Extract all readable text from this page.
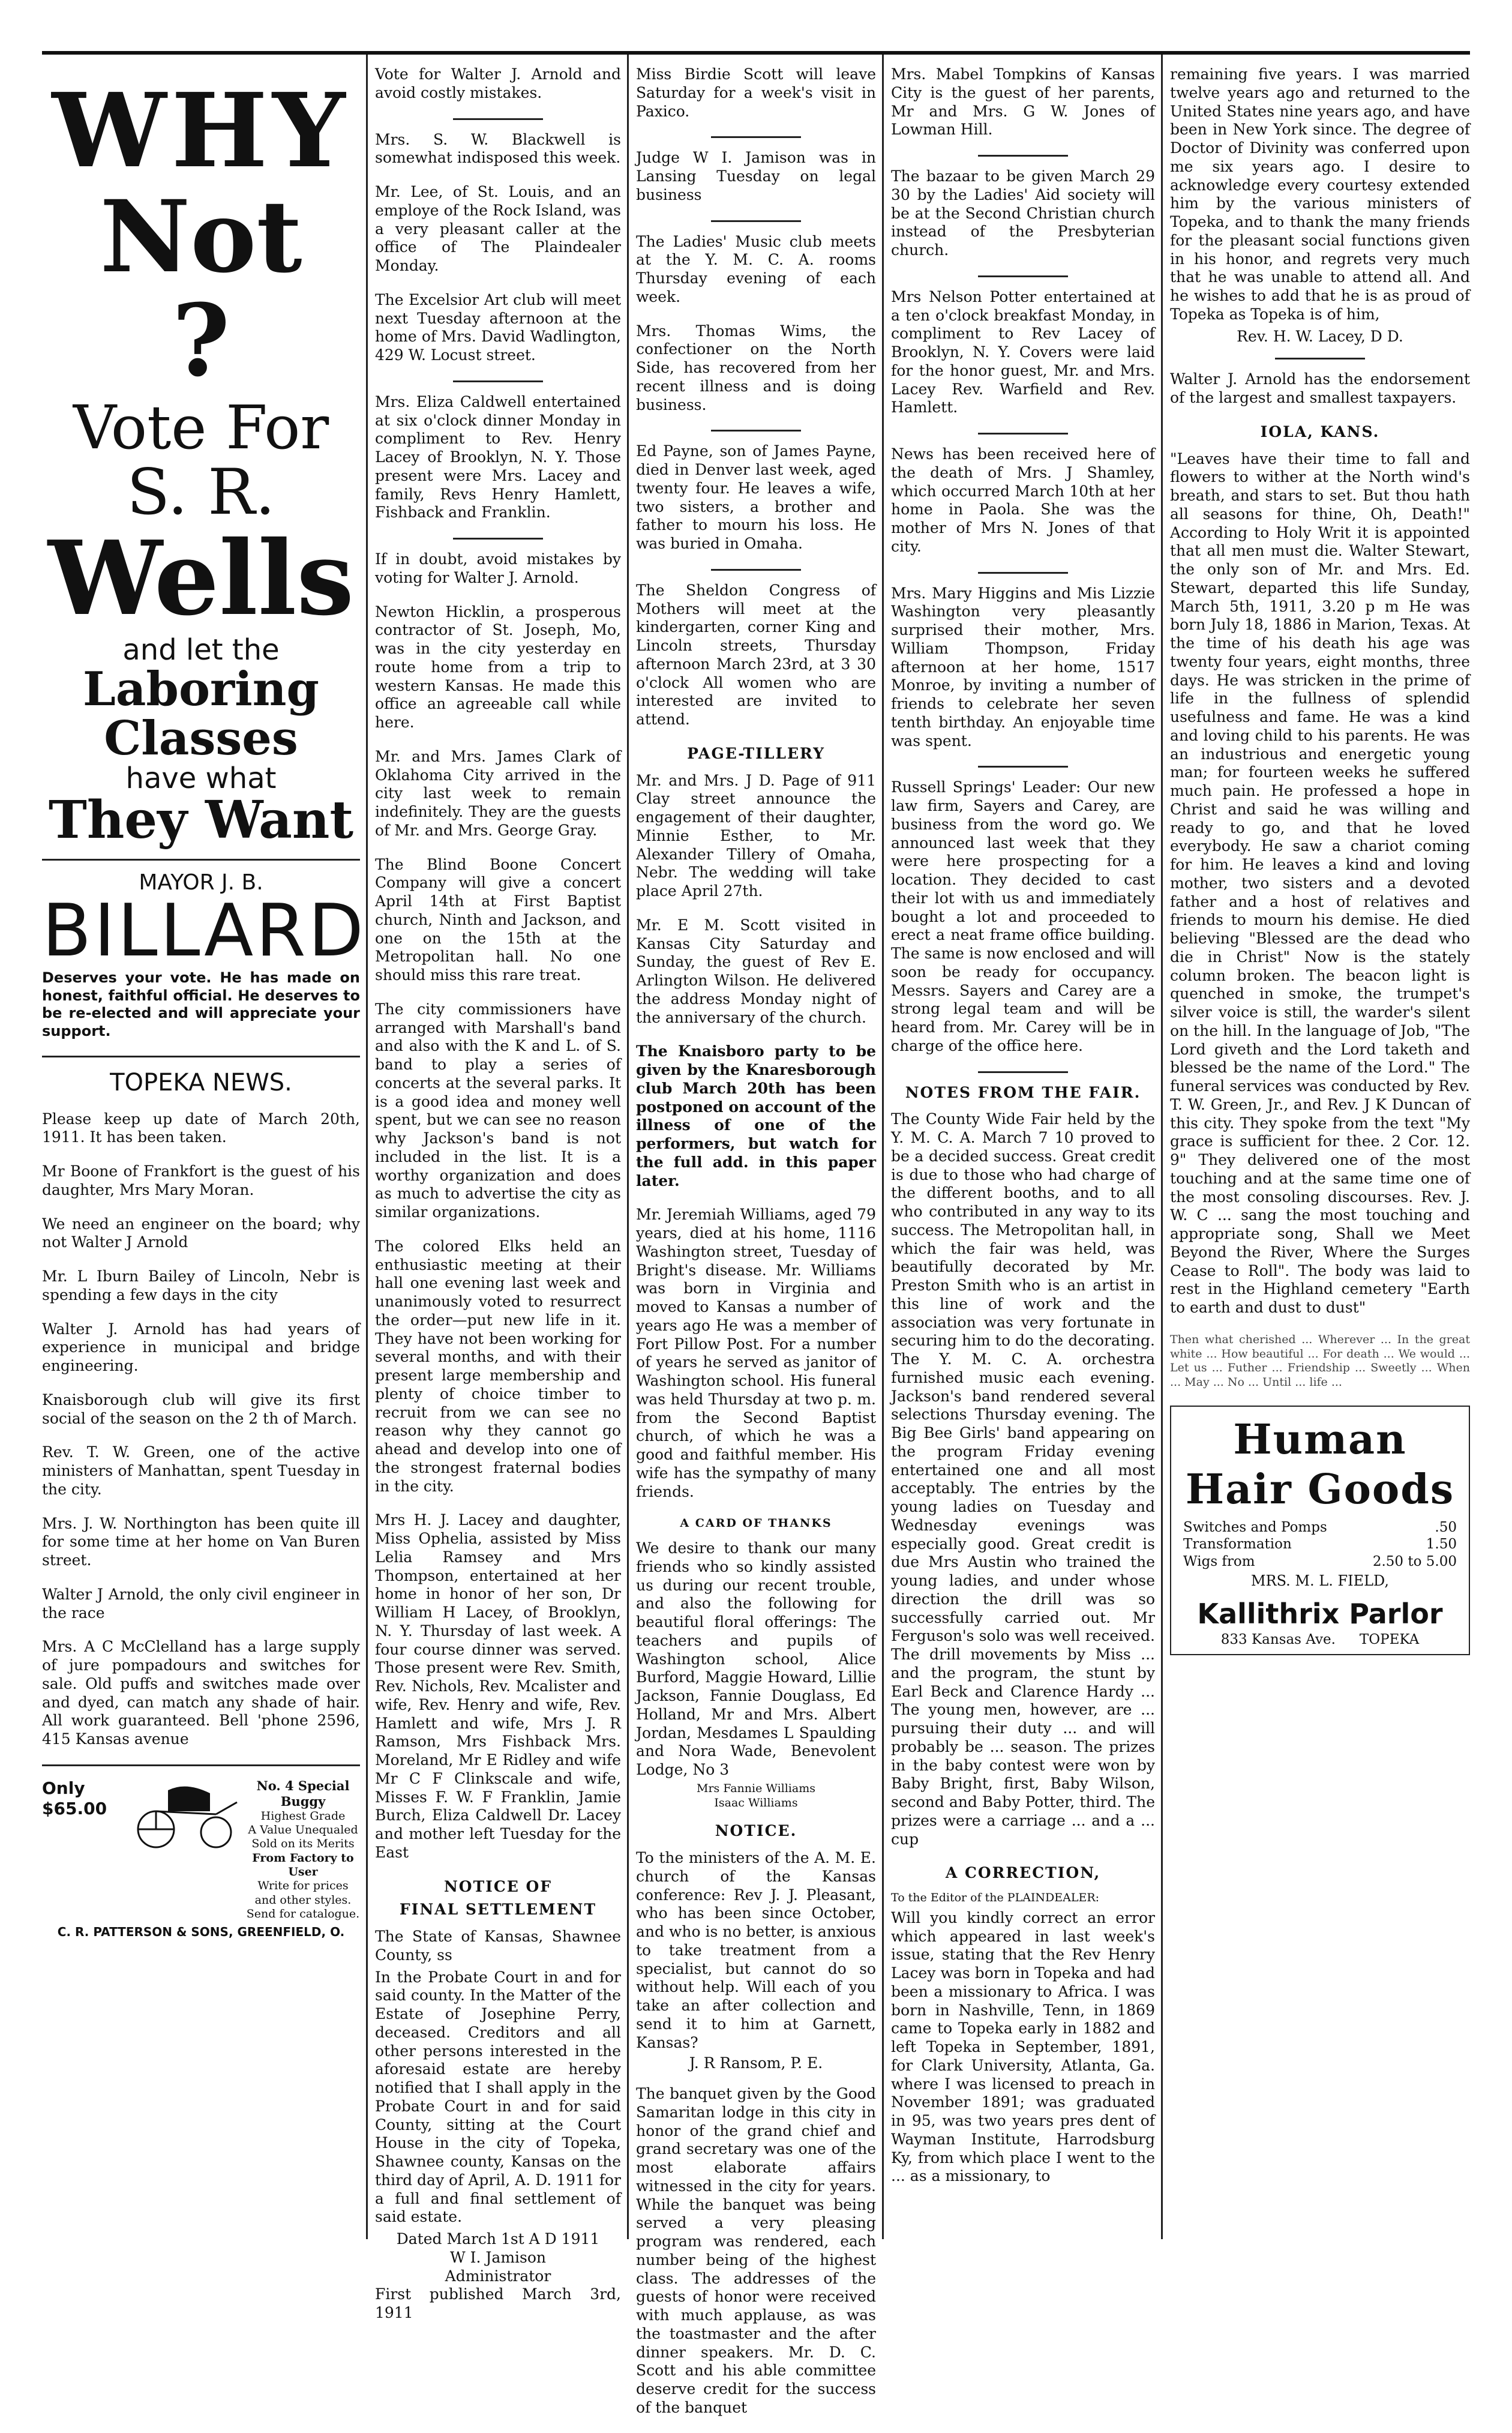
WHY
Not
?
Vote For
S. R.
Wells
and let the
Laboring
Classes
have what
They Want
MAYOR J. B.
BILLARD

Deserves your vote. He has made on honest, faithful official. He deserves to be re-elected and will appreciate your support.

TOPEKA NEWS.

Please keep up date of March 20th, 1911. It has been taken.

Mr Boone of Frankfort is the guest of his daughter, Mrs Mary Moran.

We need an engineer on the board; why not Walter J Arnold

Mr. L Iburn Bailey of Lincoln, Nebr is spending a few days in the city

Walter J. Arnold has had years of experience in municipal and bridge engineering.

Knaisborough club will give its first social of the season on the 2 th of March.

Rev. T. W. Green, one of the active ministers of Manhattan, spent Tuesday in the city.

Mrs. J. W. Northington has been quite ill for some time at her home on Van Buren street.

Walter J Arnold, the only civil engineer in the race

Mrs. A C McClelland has a large supply of jure pompadours and switches for sale. Old puffs and switches made over and dyed, can match any shade of hair. All work guaranteed. Bell 'phone 2596, 415 Kansas avenue

Only
$65.00
No. 4 Special Buggy
Highest Grade
A Value Unequaled Sold on its Merits
From Factory to User
Write for prices and other styles. Send for catalogue.
C. R. PATTERSON & SONS, GREENFIELD, O.

Vote for Walter J. Arnold and avoid costly mistakes.

Mrs. S. W. Blackwell is somewhat indisposed this week.

Mr. Lee, of St. Louis, and an employe of the Rock Island, was a very pleasant caller at the office of The Plaindealer Monday.

The Excelsior Art club will meet next Tuesday afternoon at the home of Mrs. David Wadlington, 429 W. Locust street.

Mrs. Eliza Caldwell entertained at six o'clock dinner Monday in compliment to Rev. Henry Lacey of Brooklyn, N. Y. Those present were Mrs. Lacey and family, Revs Henry Hamlett, Fishback and Franklin.

If in doubt, avoid mistakes by voting for Walter J. Arnold.

Newton Hicklin, a prosperous contractor of St. Joseph, Mo, was in the city yesterday en route home from a trip to western Kansas. He made this office an agreeable call while here.

Mr. and Mrs. James Clark of Oklahoma City arrived in the city last week to remain indefinitely. They are the guests of Mr. and Mrs. George Gray.

The Blind Boone Concert Company will give a concert April 14th at First Baptist church, Ninth and Jackson, and one on the 15th at the Metropolitan hall. No one should miss this rare treat.

The city commissioners have arranged with Marshall's band and also with the K and L. of S. band to play a series of concerts at the several parks. It is a good idea and money well spent, but we can see no reason why Jackson's band is not included in the list. It is a worthy organization and does as much to advertise the city as similar organizations.

The colored Elks held an enthusiastic meeting at their hall one evening last week and unanimously voted to resurrect the order—put new life in it. They have not been working for several months, and with their present large membership and plenty of choice timber to recruit from we can see no reason why they cannot go ahead and develop into one of the strongest fraternal bodies in the city.

Mrs H. J. Lacey and daughter, Miss Ophelia, assisted by Miss Lelia Ramsey and Mrs Thompson, entertained at her home in honor of her son, Dr William H Lacey, of Brooklyn, N. Y. Thursday of last week. A four course dinner was served. Those present were Rev. Smith, Rev. Nichols, Rev. Mcalister and wife, Rev. Henry and wife, Rev. Hamlett and wife, Mrs J. R Ramson, Mrs Fishback Mrs. Moreland, Mr E Ridley and wife Mr C F Clinkscale and wife, Misses F. W. F Franklin, Jamie Burch, Eliza Caldwell Dr. Lacey and mother left Tuesday for the East

NOTICE OF
FINAL SETTLEMENT

The State of Kansas, Shawnee County, ss

In the Probate Court in and for said county. In the Matter of the Estate of Josephine Perry, deceased. Creditors and all other persons interested in the aforesaid estate are hereby notified that I shall apply in the Probate Court in and for said County, sitting at the Court House in the city of Topeka, Shawnee county, Kansas on the third day of April, A. D. 1911 for a full and final settlement of said estate.

Dated March 1st A D 1911
W I. Jamison
Administrator
First published March 3rd, 1911

Miss Birdie Scott will leave Saturday for a week's visit in Paxico.

Judge W I. Jamison was in Lansing Tuesday on legal business

The Ladies' Music club meets at the Y. M. C. A. rooms Thursday evening of each week.

Mrs. Thomas Wims, the confectioner on the North Side, has recovered from her recent illness and is doing business.

Ed Payne, son of James Payne, died in Denver last week, aged twenty four. He leaves a wife, two sisters, a brother and father to mourn his loss. He was buried in Omaha.

The Sheldon Congress of Mothers will meet at the kindergarten, corner King and Lincoln streets, Thursday afternoon March 23rd, at 3 30 o'clock All women who are interested are invited to attend.

PAGE-TILLERY

Mr. and Mrs. J D. Page of 911 Clay street announce the engagement of their daughter, Minnie Esther, to Mr. Alexander Tillery of Omaha, Nebr. The wedding will take place April 27th.

Mr. E M. Scott visited in Kansas City Saturday and Sunday, the guest of Rev E. Arlington Wilson. He delivered the address Monday night of the anniversary of the church.

The Knaisboro party to be given by the Knaresborough club March 20th has been postponed on account of the illness of one of the performers, but watch for the full add. in this paper later.

Mr. Jeremiah Williams, aged 79 years, died at his home, 1116 Washington street, Tuesday of Bright's disease. Mr. Williams was born in Virginia and moved to Kansas a number of years ago He was a member of Fort Pillow Post. For a number of years he served as janitor of Washington school. His funeral was held Thursday at two p. m. from the Second Baptist church, of which he was a good and faithful member. His wife has the sympathy of many friends.

A CARD OF THANKS

We desire to thank our many friends who so kindly assisted us during our recent trouble, and also the following for beautiful floral offerings: The teachers and pupils of Washington school, Alice Burford, Maggie Howard, Lillie Jackson, Fannie Douglass, Ed Holland, Mr and Mrs. Albert Jordan, Mesdames L Spaulding and Nora Wade, Benevolent Lodge, No 3

Mrs Fannie Williams
Isaac Williams
NOTICE.

To the ministers of the A. M. E. church of the Kansas conference: Rev J. J. Pleasant, who has been since October, and who is no better, is anxious to take treatment from a specialist, but cannot do so without help. Will each of you take an after collection and send it to him at Garnett, Kansas?

J. R Ransom, P. E.

The banquet given by the Good Samaritan lodge in this city in honor of the grand chief and grand secretary was one of the most elaborate affairs witnessed in the city for years. While the banquet was being served a very pleasing program was rendered, each number being of the highest class. The addresses of the guests of honor were received with much applause, as was the toastmaster and the after dinner speakers. Mr. D. C. Scott and his able committee deserve credit for the success of the banquet

Mrs. Mabel Tompkins of Kansas City is the guest of her parents, Mr and Mrs. G W. Jones of Lowman Hill.

The bazaar to be given March 29 30 by the Ladies' Aid society will be at the Second Christian church instead of the Presbyterian church.

Mrs Nelson Potter entertained at a ten o'clock breakfast Monday, in compliment to Rev Lacey of Brooklyn, N. Y. Covers were laid for the honor guest, Mr. and Mrs. Lacey Rev. Warfield and Rev. Hamlett.

News has been received here of the death of Mrs. J Shamley, which occurred March 10th at her home in Paola. She was the mother of Mrs N. Jones of that city.

Mrs. Mary Higgins and Mis Lizzie Washington very pleasantly surprised their mother, Mrs. William Thompson, Friday afternoon at her home, 1517 Monroe, by inviting a number of friends to celebrate her seven tenth birthday. An enjoyable time was spent.

Russell Springs' Leader: Our new law firm, Sayers and Carey, are business from the word go. We announced last week that they were here prospecting for a location. They decided to cast their lot with us and immediately bought a lot and proceeded to erect a neat frame office building. The same is now enclosed and will soon be ready for occupancy. Messrs. Sayers and Carey are a strong legal team and will be heard from. Mr. Carey will be in charge of the office here.

NOTES FROM THE FAIR.

The County Wide Fair held by the Y. M. C. A. March 7 10 proved to be a decided success. Great credit is due to those who had charge of the different booths, and to all who contributed in any way to its success. The Metropolitan hall, in which the fair was held, was beautifully decorated by Mr. Preston Smith who is an artist in this line of work and the association was very fortunate in securing him to do the decorating. The Y. M. C. A. orchestra furnished music each evening. Jackson's band rendered several selections Thursday evening. The Big Bee Girls' band appearing on the program Friday evening entertained one and all most acceptably. The entries by the young ladies on Tuesday and Wednesday evenings was especially good. Great credit is due Mrs Austin who trained the young ladies, and under whose direction the drill was so successfully carried out. Mr Ferguson's solo was well received. The drill movements by Miss ... and the program, the stunt by Earl Beck and Clarence Hardy ... The young men, however, are ... pursuing their duty ... and will probably be ... season. The prizes in the baby contest were won by Baby Bright, first, Baby Wilson, second and Baby Potter, third. The prizes were a carriage ... and a ... cup

A CORRECTION,
To the Editor of the PLAINDEALER:

Will you kindly correct an error which appeared in last week's issue, stating that the Rev Henry Lacey was born in Topeka and had been a missionary to Africa. I was born in Nashville, Tenn, in 1869 came to Topeka early in 1882 and left Topeka in September, 1891, for Clark University, Atlanta, Ga. where I was licensed to preach in November 1891; was graduated in 95, was two years pres dent of Wayman Institute, Harrodsburg Ky, from which place I went to the ... as a missionary, to

remaining five years. I was married twelve years ago and returned to the United States nine years ago, and have been in New York since. The degree of Doctor of Divinity was conferred upon me six years ago. I desire to acknowledge every courtesy extended him by the various ministers of Topeka, and to thank the many friends for the pleasant social functions given in his honor, and regrets very much that he was unable to attend all. And he wishes to add that he is as proud of Topeka as Topeka is of him,

Rev. H. W. Lacey, D D.

Walter J. Arnold has the endorsement of the largest and smallest taxpayers.

IOLA, KANS.

"Leaves have their time to fall and flowers to wither at the North wind's breath, and stars to set. But thou hath all seasons for thine, Oh, Death!" According to Holy Writ it is appointed that all men must die. Walter Stewart, the only son of Mr. and Mrs. Ed. Stewart, departed this life Sunday, March 5th, 1911, 3.20 p m He was born July 18, 1886 in Marion, Texas. At the time of his death his age was twenty four years, eight months, three days. He was stricken in the prime of life in the fullness of splendid usefulness and fame. He was a kind and loving child to his parents. He was an industrious and energetic young man; for fourteen weeks he suffered much pain. He professed a hope in Christ and said he was willing and ready to go, and that he loved everybody. He saw a chariot coming for him. He leaves a kind and loving mother, two sisters and a devoted father and a host of relatives and friends to mourn his demise. He died believing "Blessed are the dead who die in Christ" Now is the stately column broken. The beacon light is quenched in smoke, the trumpet's silver voice is still, the warder's silent on the hill. In the language of Job, "The Lord giveth and the Lord taketh and blessed be the name of the Lord." The funeral services was conducted by Rev. T. W. Green, Jr., and Rev. J K Duncan of this city. They spoke from the text "My grace is sufficient for thee. 2 Cor. 12. 9" They delivered one of the most touching and at the same time one of the most consoling discourses. Rev. J. W. C ... sang the most touching and appropriate song, Shall we Meet Beyond the River, Where the Surges Cease to Roll". The body was laid to rest in the Highland cemetery "Earth to earth and dust to dust"

Then what cherished ... Wherever ... In the great white ... How beautiful ... For death ... We would ... Let us ... Futher ... Friendship ... Sweetly ... When ... May ... No ... Until ... life ...

Human Hair Goods
Switches and Pomps	.50
Transformation	1.50
Wigs from	2.50 to 5.00
MRS. M. L. FIELD,
Kallithrix Parlor
833 Kansas Ave. TOPEKA
